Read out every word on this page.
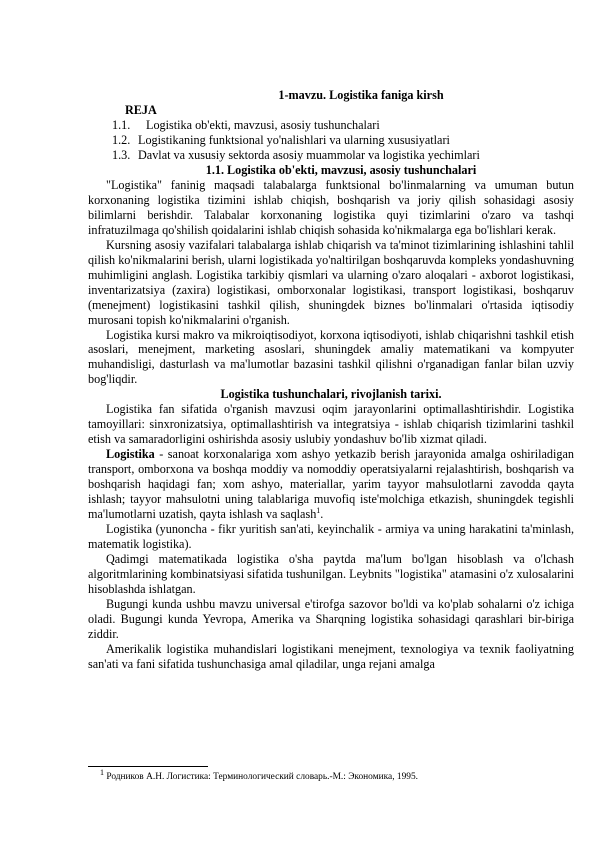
1-mavzu. Logistika faniga kirsh
REJA
1.1. Logistika ob'ekti, mavzusi, asosiy tushunchalari
1.2. Logistikaning funktsional yo'nalishlari va ularning xususiyatlari
1.3. Davlat va xususiy sektorda asosiy muammolar va logistika yechimlari
1.1. Logistika ob'ekti, mavzusi, asosiy tushunchalari
"Logistika" faninig maqsadi talabalarga funktsional bo'linmalarning va umuman butun korxonaning logistika tizimini ishlab chiqish, boshqarish va joriy qilish sohasidagi asosiy bilimlarni berishdir. Talabalar korxonaning logistika quyi tizimlarini o'zaro va tashqi infratuzilmaga qo'shilish qoidalarini ishlab chiqish sohasida ko'nikmalarga ega bo'lishlari kerak.
Kursning asosiy vazifalari talabalarga ishlab chiqarish va ta'minot tizimlarining ishlashini tahlil qilish ko'nikmalarini berish, ularni logistikada yo'naltirilgan boshqaruvda kompleks yondashuvning muhimligini anglash. Logistika tarkibiy qismlari va ularning o'zaro aloqalari - axborot logistikasi, inventarizatsiya (zaxira) logistikasi, omborxonalar logistikasi, transport logistikasi, boshqaruv (menejment) logistikasini tashkil qilish, shuningdek biznes bo'linmalari o'rtasida iqtisodiy murosani topish ko'nikmalarini o'rganish.
Logistika kursi makro va mikroiqtisodiyot, korxona iqtisodiyoti, ishlab chiqarishni tashkil etish asoslari, menejment, marketing asoslari, shuningdek amaliy matematikani va kompyuter muhandisligi, dasturlash va ma'lumotlar bazasini tashkil qilishni o'rganadigan fanlar bilan uzviy bog'liqdir.
Logistika tushunchalari, rivojlanish tarixi.
Logistika fan sifatida o'rganish mavzusi oqim jarayonlarini optimallashtirishdir. Logistika tamoyillari: sinxronizatsiya, optimallashtirish va integratsiya - ishlab chiqarish tizimlarini tashkil etish va samaradorligini oshirishda asosiy uslubiy yondashuv bo'lib xizmat qiladi.
Logistika - sanoat korxonalariga xom ashyo yetkazib berish jarayonida amalga oshiriladigan transport, omborxona va boshqa moddiy va nomoddiy operatsiyalarni rejalashtirish, boshqarish va boshqarish haqidagi fan; xom ashyo, materiallar, yarim tayyor mahsulotlarni zavodda qayta ishlash; tayyor mahsulotni uning talablariga muvofiq iste'molchiga etkazish, shuningdek tegishli ma'lumotlarni uzatish, qayta ishlash va saqlash$^1$.
Logistika (yunoncha - fikr yuritish san'ati, keyinchalik - armiya va uning harakatini ta'minlash, matematik logistika).
Qadimgi matematikada logistika o'sha paytda ma'lum bo'lgan hisoblash va o'lchash algoritmlarining kombinatsiyasi sifatida tushunilgan. Leybnits "logistika" atamasini o'z xulosalarini hisoblashda ishlatgan.
Bugungi kunda ushbu mavzu universal e'tirofga sazovor bo'ldi va ko'plab sohalarni o'z ichiga oladi. Bugungi kunda Yevropa, Amerika va Sharqning logistika sohasidagi qarashlari bir-biriga ziddir.
Amerikalik logistika muhandislari logistikani menejment, texnologiya va texnik faoliyatning san'ati va fani sifatida tushunchasiga amal qiladilar, unga rejani amalga
$^1$ Родников А.Н. Логистика: Терминологический словарь.-М.: Экономика, 1995.
